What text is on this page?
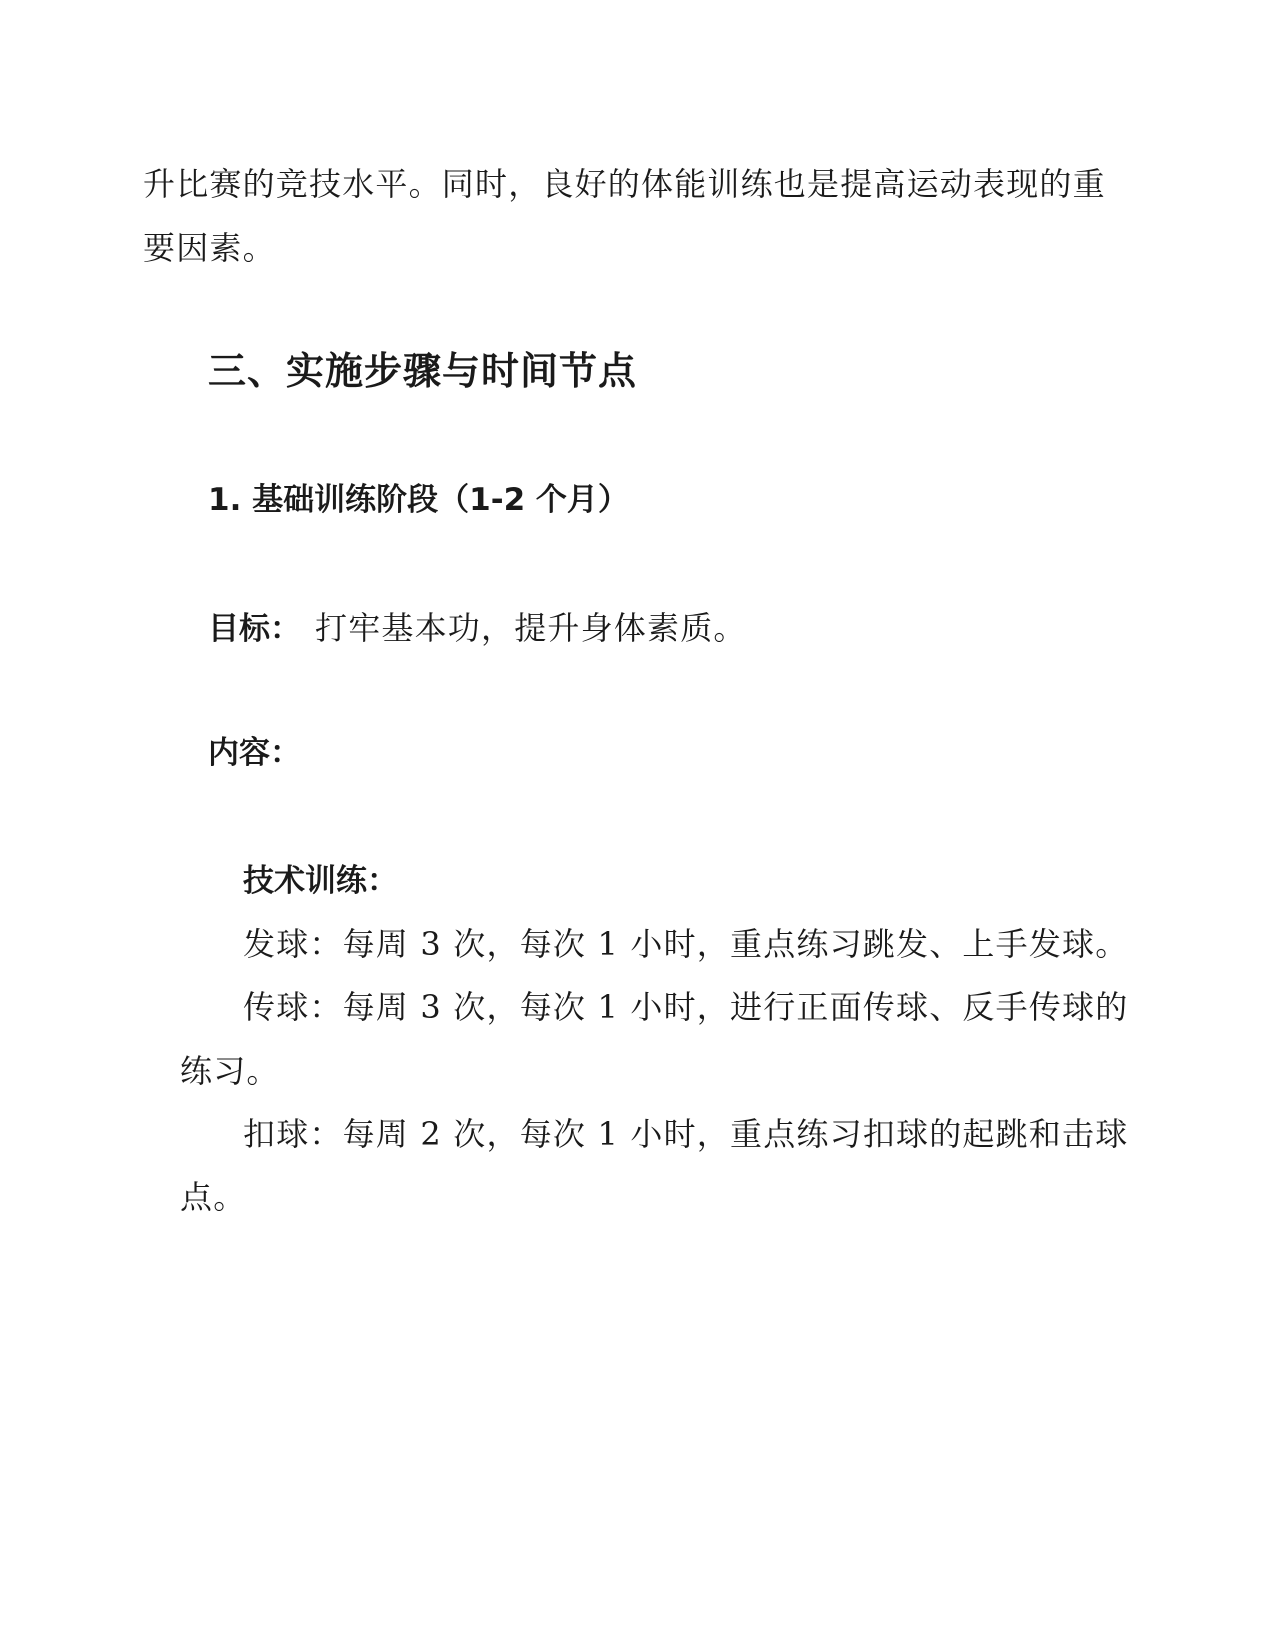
升比赛的竞技水平。同时，良好的体能训练也是提高运动表现的重
要因素。
三、实施步骤与时间节点
1. 基础训练阶段（1-2 个月）
目标： 打牢基本功，提升身体素质。
内容：
技术训练：
发球：每周 3 次，每次 1 小时，重点练习跳发、上手发球。
传球：每周 3 次，每次 1 小时，进行正面传球、反手传球的
练习。
扣球：每周 2 次，每次 1 小时，重点练习扣球的起跳和击球
点。
